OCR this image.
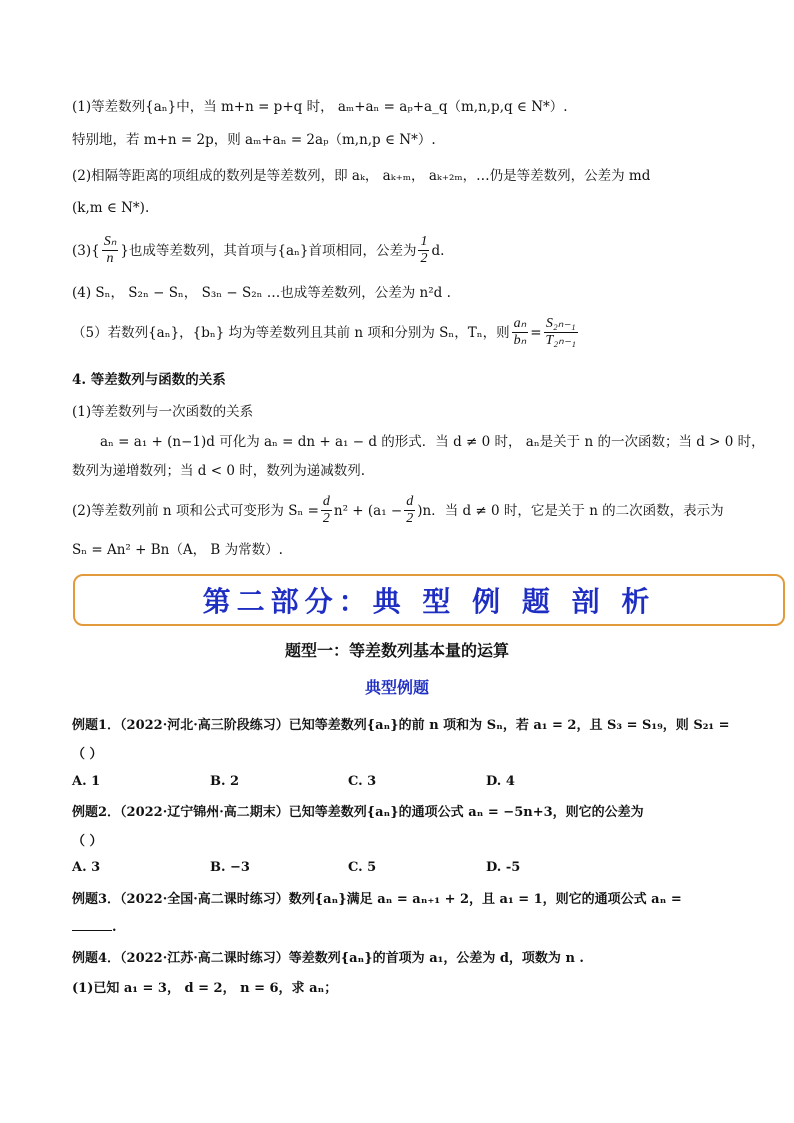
(1)等差数列{aₙ}中，当 m+n = p+q 时， aₘ+aₙ = aₚ+a_q（m,n,p,q ∈ N*）.
特别地，若 m+n = 2p，则 aₘ+aₙ = 2aₚ（m,n,p ∈ N*）.
(2)相隔等距离的项组成的数列是等差数列，即 aₖ， aₖ₊ₘ， aₖ₊₂ₘ，…仍是等差数列，公差为 md
(k,m ∈ N*).
(3) { $\frac{\text{Sₙ}}{n}$ } 也成等差数列，其首项与{aₙ}首项相同，公差为 $\frac{1}{2} d$.
(4) Sₙ， S₂ₙ − Sₙ， S₃ₙ − S₂ₙ …也成等差数列，公差为 n²d .
（5）若数列{aₙ}，{bₙ} 均为等差数列且其前 n 项和分别为 Sₙ，Tₙ，则 $\frac{\text{aₙ}}{\text{bₙ}} = \frac{\text{S₂ₙ₋₁}}{\text{T₂ₙ₋₁}}$
4. 等差数列与函数的关系
(1)等差数列与一次函数的关系
aₙ = a₁ + (n−1)d 可化为 aₙ = dn + a₁ − d 的形式．当 d ≠ 0 时， aₙ是关于 n 的一次函数；当 d > 0 时，
数列为递增数列；当 d < 0 时，数列为递减数列.
(2)等差数列前 n 项和公式可变形为 $S_n = \frac{d}{2} n^2 + (a_1 - \frac{d}{2} )n$．当 d ≠ 0 时，它是关于 n 的二次函数，表示为
Sₙ = An² + Bn（A， B 为常数）.
第二部分：典 型 例 题 剖 析
题型一：等差数列基本量的运算
典型例题
例题1．（2022·河北·高三阶段练习）已知等差数列{aₙ}的前 n 项和为 Sₙ，若 a₁ = 2，且 S₃ = S₁₉，则 S₂₁ =
（ ）
A. 1	B. 2	C. 3	D. 4
例题2．（2022·辽宁锦州·高二期末）已知等差数列{aₙ}的通项公式 aₙ = −5n+3，则它的公差为
（ ）
A. 3	B. −3	C. 5	D. -5
例题3．（2022·全国·高二课时练习）数列{aₙ}满足 aₙ = aₙ₊₁ + 2，且 a₁ = 1，则它的通项公式 aₙ =
.
例题4．（2022·江苏·高二课时练习）等差数列{aₙ}的首项为 a₁，公差为 d，项数为 n .
(1)已知 a₁ = 3， d = 2， n = 6，求 aₙ；
